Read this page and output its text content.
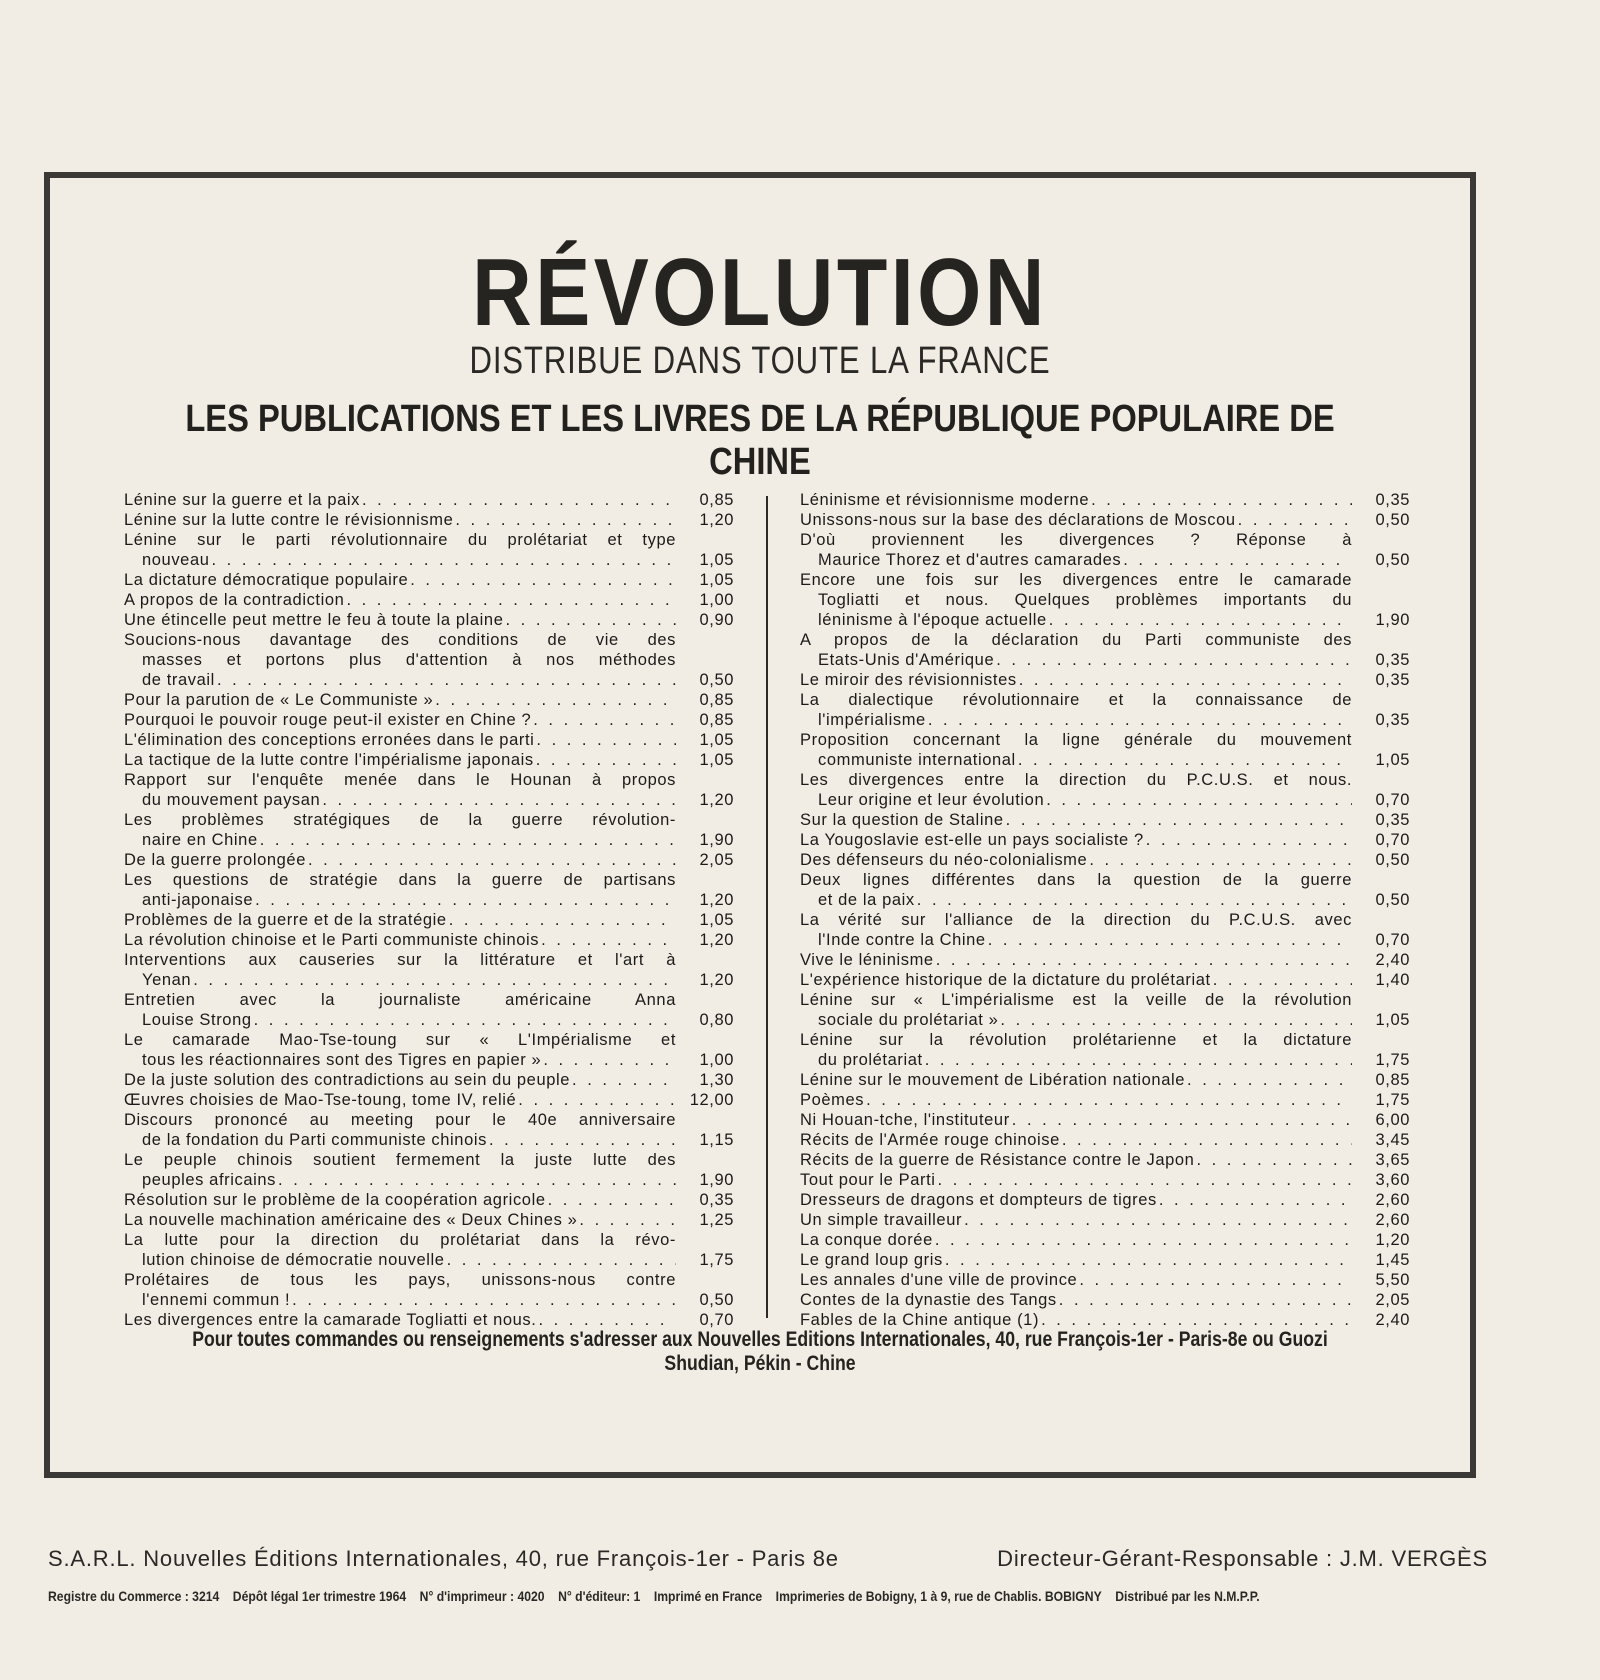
RÉVOLUTION
DISTRIBUE DANS TOUTE LA FRANCE
LES PUBLICATIONS ET LES LIVRES DE LA RÉPUBLIQUE POPULAIRE DE CHINE
Lénine sur la guerre et la paix . . .	0,85
Lénine sur la lutte contre le révisionnisme . . .	1,20
Lénine sur le parti révolutionnaire du prolétariat et type
nouveau . . .	1,05
La dictature démocratique populaire . . .	1,05
A propos de la contradiction . . .	1,00
Une étincelle peut mettre le feu à toute la plaine . . .	0,90
Soucions-nous davantage des conditions de vie des
masses et portons plus d'attention à nos méthodes
de travail . . .	0,50
Pour la parution de « Le Communiste » . . .	0,85
Pourquoi le pouvoir rouge peut-il exister en Chine ? . . .	0,85
L'élimination des conceptions erronées dans le parti . . .	1,05
La tactique de la lutte contre l'impérialisme japonais . . .	1,05
Rapport sur l'enquête menée dans le Hounan à propos
du mouvement paysan . . .	1,20
Les problèmes stratégiques de la guerre révolution-
naire en Chine . . .	1,90
De la guerre prolongée . . .	2,05
Les questions de stratégie dans la guerre de partisans
anti-japonaise . . .	1,20
Problèmes de la guerre et de la stratégie . . .	1,05
La révolution chinoise et le Parti communiste chinois . . .	1,20
Interventions aux causeries sur la littérature et l'art à
Yenan . . .	1,20
Entretien avec la journaliste américaine Anna
Louise Strong . . .	0,80
Le camarade Mao-Tse-toung sur « L'Impérialisme et
tous les réactionnaires sont des Tigres en papier » . . .	1,00
De la juste solution des contradictions au sein du peuple . . .	1,30
Œuvres choisies de Mao-Tse-toung, tome IV, relié . . .	12,00
Discours prononcé au meeting pour le 40e anniversaire
de la fondation du Parti communiste chinois . . .	1,15
Le peuple chinois soutient fermement la juste lutte des
peuples africains . . .	1,90
Résolution sur le problème de la coopération agricole . . .	0,35
La nouvelle machination américaine des « Deux Chines » . . .	1,25
La lutte pour la direction du prolétariat dans la révo-
lution chinoise de démocratie nouvelle . . .	1,75
Prolétaires de tous les pays, unissons-nous contre
l'ennemi commun ! . . .	0,50
Les divergences entre la camarade Togliatti et nous. . . .	0,70
Léninisme et révisionnisme moderne . . .	0,35
Unissons-nous sur la base des déclarations de Moscou . . .	0,50
D'où proviennent les divergences ? Réponse à
Maurice Thorez et d'autres camarades . . .	0,50
Encore une fois sur les divergences entre le camarade
Togliatti et nous. Quelques problèmes importants du
léninisme à l'époque actuelle . . .	1,90
A propos de la déclaration du Parti communiste des
Etats-Unis d'Amérique . . .	0,35
Le miroir des révisionnistes . . .	0,35
La dialectique révolutionnaire et la connaissance de
l'impérialisme . . .	0,35
Proposition concernant la ligne générale du mouvement
communiste international . . .	1,05
Les divergences entre la direction du P.C.U.S. et nous.
Leur origine et leur évolution . . .	0,70
Sur la question de Staline . . .	0,35
La Yougoslavie est-elle un pays socialiste ? . . .	0,70
Des défenseurs du néo-colonialisme . . .	0,50
Deux lignes différentes dans la question de la guerre
et de la paix . . .	0,50
La vérité sur l'alliance de la direction du P.C.U.S. avec
l'Inde contre la Chine . . .	0,70
Vive le léninisme . . .	2,40
L'expérience historique de la dictature du prolétariat . . .	1,40
Lénine sur « L'impérialisme est la veille de la révolution
sociale du prolétariat » . . .	1,05
Lénine sur la révolution prolétarienne et la dictature
du prolétariat . . .	1,75
Lénine sur le mouvement de Libération nationale . . .	0,85
Poèmes . . .	1,75
Ni Houan-tche, l'instituteur . . .	6,00
Récits de l'Armée rouge chinoise . . .	3,45
Récits de la guerre de Résistance contre le Japon . . .	3,65
Tout pour le Parti . . .	3,60
Dresseurs de dragons et dompteurs de tigres . . .	2,60
Un simple travailleur . . .	2,60
La conque dorée . . .	1,20
Le grand loup gris . . .	1,45
Les annales d'une ville de province . . .	5,50
Contes de la dynastie des Tangs . . .	2,05
Fables de la Chine antique (1) . . .	2,40
Pour toutes commandes ou renseignements s'adresser aux Nouvelles Editions Internationales, 40, rue François-1er - Paris-8e ou Guozi Shudian, Pékin - Chine
S.A.R.L. Nouvelles Éditions Internationales, 40, rue François-1er - Paris 8e	Directeur-Gérant-Responsable : J.M. VERGÈS
Registre du Commerce : 3214 Dépôt légal 1er trimestre 1964 N° d'imprimeur : 4020 N° d'éditeur: 1 Imprimé en France Imprimeries de Bobigny, 1 à 9, rue de Chablis. BOBIGNY Distribué par les N.M.P.P.
